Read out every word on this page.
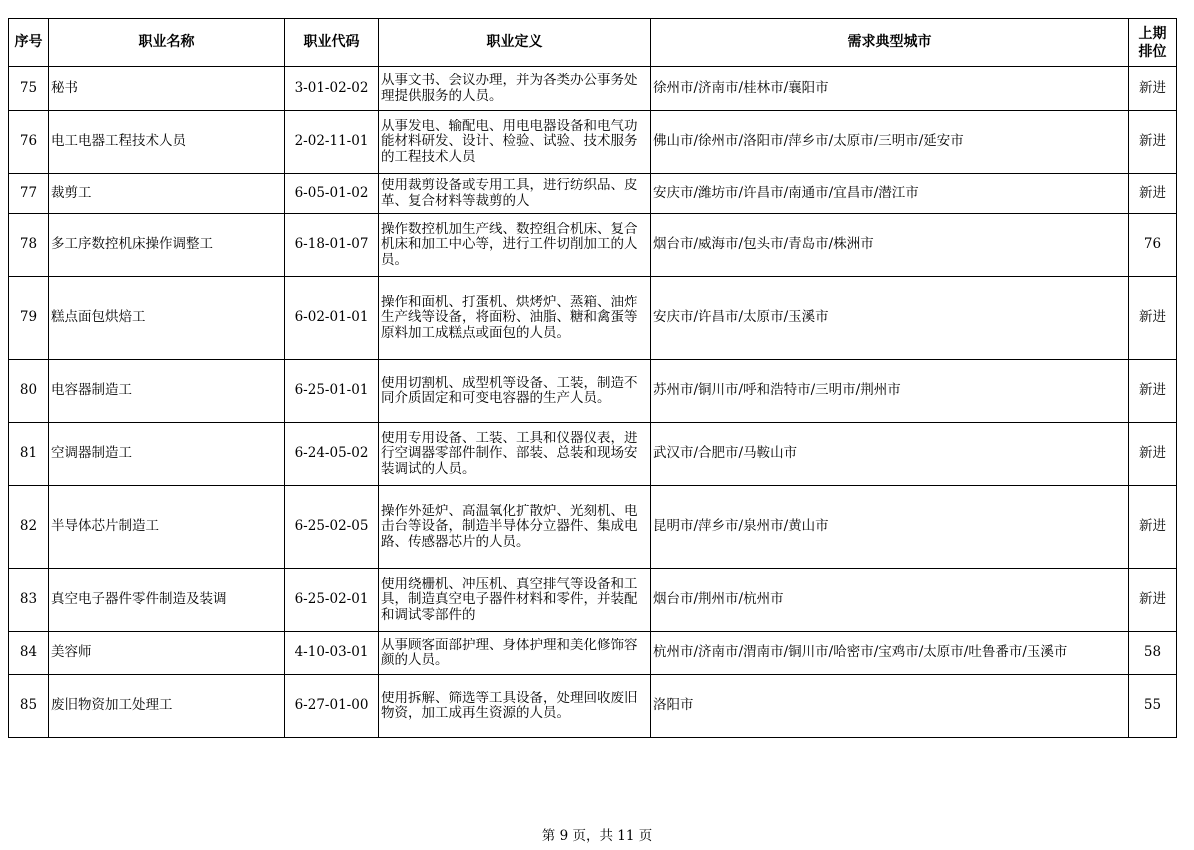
序号	职业名称	职业代码	职业定义	需求典型城市	上期排位
75	秘书	3-01-02-02	从事文书、会议办理，并为各类办公事务处理提供服务的人员。	徐州市/济南市/桂林市/襄阳市	新进
76	电工电器工程技术人员	2-02-11-01	从事发电、输配电、用电电器设备和电气功能材料研发、设计、检验、试验、技术服务的工程技术人员	佛山市/徐州市/洛阳市/萍乡市/太原市/三明市/延安市	新进
77	裁剪工	6-05-01-02	使用裁剪设备或专用工具，进行纺织品、皮革、复合材料等裁剪的人	安庆市/潍坊市/许昌市/南通市/宜昌市/潜江市	新进
78	多工序数控机床操作调整工	6-18-01-07	操作数控机加生产线、数控组合机床、复合机床和加工中心等，进行工件切削加工的人员。	烟台市/威海市/包头市/青岛市/株洲市	76
79	糕点面包烘焙工	6-02-01-01	操作和面机、打蛋机、烘烤炉、蒸箱、油炸生产线等设备，将面粉、油脂、糖和禽蛋等原料加工成糕点或面包的人员。	安庆市/许昌市/太原市/玉溪市	新进
80	电容器制造工	6-25-01-01	使用切割机、成型机等设备、工装，制造不同介质固定和可变电容器的生产人员。	苏州市/铜川市/呼和浩特市/三明市/荆州市	新进
81	空调器制造工	6-24-05-02	使用专用设备、工装、工具和仪器仪表，进行空调器零部件制作、部装、总装和现场安装调试的人员。	武汉市/合肥市/马鞍山市	新进
82	半导体芯片制造工	6-25-02-05	操作外延炉、高温氧化扩散炉、光刻机、电击台等设备，制造半导体分立器件、集成电路、传感器芯片的人员。	昆明市/萍乡市/泉州市/黄山市	新进
83	真空电子器件零件制造及装调	6-25-02-01	使用绕栅机、冲压机、真空排气等设备和工具，制造真空电子器件材料和零件，并装配和调试零部件的	烟台市/荆州市/杭州市	新进
84	美容师	4-10-03-01	从事顾客面部护理、身体护理和美化修饰容颜的人员。	杭州市/济南市/渭南市/铜川市/哈密市/宝鸡市/太原市/吐鲁番市/玉溪市	58
85	废旧物资加工处理工	6-27-01-00	使用拆解、筛选等工具设备，处理回收废旧物资，加工成再生资源的人员。	洛阳市	55
第 9 页，共 11 页
